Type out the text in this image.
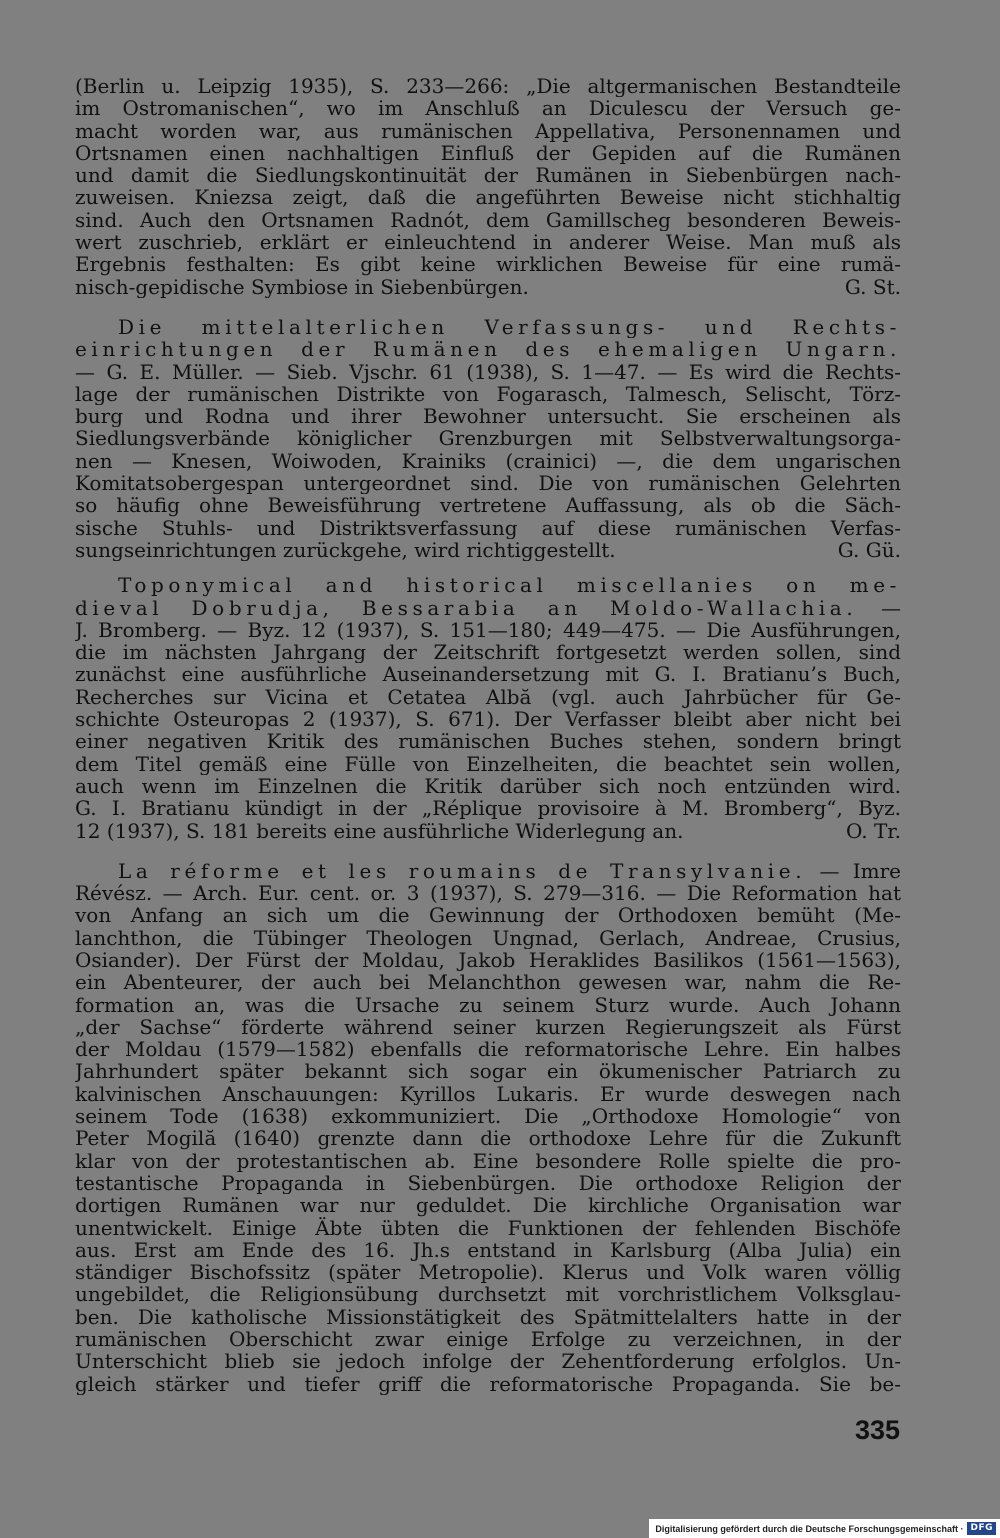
(Berlin u. Leipzig 1935), S. 233—266: „Die altgermanischen Bestandteile
im Ostromanischen“, wo im Anschluß an Diculescu der Versuch ge-
macht worden war, aus rumänischen Appellativa, Personennamen und
Ortsnamen einen nachhaltigen Einfluß der Gepiden auf die Rumänen
und damit die Siedlungskontinuität der Rumänen in Siebenbürgen nach-
zuweisen. Kniezsa zeigt, daß die angeführten Beweise nicht stichhaltig
sind. Auch den Ortsnamen Radnót, dem Gamillscheg besonderen Beweis-
wert zuschrieb, erklärt er einleuchtend in anderer Weise. Man muß als
Ergebnis festhalten: Es gibt keine wirklichen Beweise für eine rumä-
nisch-gepidische Symbiose in Siebenbürgen.	G. St.
Die mittelalterlichen Verfassungs- und Rechts-
einrichtungen der Rumänen des ehemaligen Ungarn.
— G. E. Müller. — Sieb. Vjschr. 61 (1938), S. 1—47. — Es wird die Rechts-
lage der rumänischen Distrikte von Fogarasch, Talmesch, Selischt, Törz-
burg und Rodna und ihrer Bewohner untersucht. Sie erscheinen als
Siedlungsverbände königlicher Grenzburgen mit Selbstverwaltungsorga-
nen — Knesen, Woiwoden, Krainiks (crainici) —, die dem ungarischen
Komitatsobergespan untergeordnet sind. Die von rumänischen Gelehrten
so häufig ohne Beweisführung vertretene Auffassung, als ob die Säch-
sische Stuhls- und Distriktsverfassung auf diese rumänischen Verfas-
sungseinrichtungen zurückgehe, wird richtiggestellt.	G. Gü.
Toponymical and historical miscellanies on me-
dieval Dobrudja, Bessarabia an Moldo-Wallachia. —
J. Bromberg. — Byz. 12 (1937), S. 151—180; 449—475. — Die Ausführungen,
die im nächsten Jahrgang der Zeitschrift fortgesetzt werden sollen, sind
zunächst eine ausführliche Auseinandersetzung mit G. I. Bratianu’s Buch,
Recherches sur Vicina et Cetatea Albă (vgl. auch Jahrbücher für Ge-
schichte Osteuropas 2 (1937), S. 671). Der Verfasser bleibt aber nicht bei
einer negativen Kritik des rumänischen Buches stehen, sondern bringt
dem Titel gemäß eine Fülle von Einzelheiten, die beachtet sein wollen,
auch wenn im Einzelnen die Kritik darüber sich noch entzünden wird.
G. I. Bratianu kündigt in der „Réplique provisoire à M. Bromberg“, Byz.
12 (1937), S. 181 bereits eine ausführliche Widerlegung an.	O. Tr.
La réforme et les roumains de Transylvanie. — Imre
Révész. — Arch. Eur. cent. or. 3 (1937), S. 279—316. — Die Reformation hat
von Anfang an sich um die Gewinnung der Orthodoxen bemüht (Me-
lanchthon, die Tübinger Theologen Ungnad, Gerlach, Andreae, Crusius,
Osiander). Der Fürst der Moldau, Jakob Heraklides Basilikos (1561—1563),
ein Abenteurer, der auch bei Melanchthon gewesen war, nahm die Re-
formation an, was die Ursache zu seinem Sturz wurde. Auch Johann
„der Sachse“ förderte während seiner kurzen Regierungszeit als Fürst
der Moldau (1579—1582) ebenfalls die reformatorische Lehre. Ein halbes
Jahrhundert später bekannt sich sogar ein ökumenischer Patriarch zu
kalvinischen Anschauungen: Kyrillos Lukaris. Er wurde deswegen nach
seinem Tode (1638) exkommuniziert. Die „Orthodoxe Homologie“ von
Peter Mogilă (1640) grenzte dann die orthodoxe Lehre für die Zukunft
klar von der protestantischen ab. Eine besondere Rolle spielte die pro-
testantische Propaganda in Siebenbürgen. Die orthodoxe Religion der
dortigen Rumänen war nur geduldet. Die kirchliche Organisation war
unentwickelt. Einige Äbte übten die Funktionen der fehlenden Bischöfe
aus. Erst am Ende des 16. Jh.s entstand in Karlsburg (Alba Julia) ein
ständiger Bischofssitz (später Metropolie). Klerus und Volk waren völlig
ungebildet, die Religionsübung durchsetzt mit vorchristlichem Volksglau-
ben. Die katholische Missionstätigkeit des Spätmittelalters hatte in der
rumänischen Oberschicht zwar einige Erfolge zu verzeichnen, in der
Unterschicht blieb sie jedoch infolge der Zehentforderung erfolglos. Un-
gleich stärker und tiefer griff die reformatorische Propaganda. Sie be-
335
Digitalisierung gefördert durch die Deutsche Forschungsgemeinschaft · DFG
